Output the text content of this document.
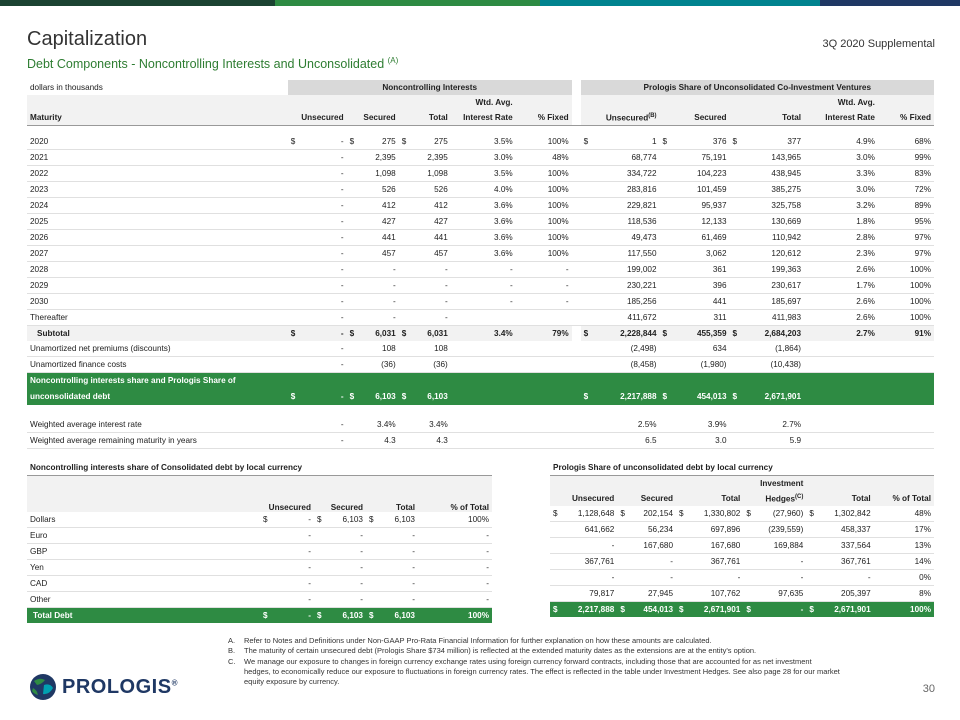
Capitalization	3Q 2020 Supplemental
Debt Components - Noncontrolling Interests and Unconsolidated $^{(A)}$
dollars in thousands	Noncontrolling Interests									Prologis Share of Unconsolidated Co-Investment Ventures							
							Wtd. Avg.									Wtd. Avg.	
Maturity	Unsecured		Secured		Total		Interest Rate	% Fixed		Unsecured$^{(B)}$		Secured		Total		Interest Rate	% Fixed

2020	$	-	$	275	$	275	3.5%	100%		$	1	$	376	$	377	4.9%	68%
2021		-		2,395		2,395	3.0%	48%			68,774		75,191		143,965	3.0%	99%
2022		-		1,098		1,098	3.5%	100%			334,722		104,223		438,945	3.3%	83%
2023		-		526		526	4.0%	100%			283,816		101,459		385,275	3.0%	72%
2024		-		412		412	3.6%	100%			229,821		95,937		325,758	3.2%	89%
2025		-		427		427	3.6%	100%			118,536		12,133		130,669	1.8%	95%
2026		-		441		441	3.6%	100%			49,473		61,469		110,942	2.8%	97%
2027		-		457		457	3.6%	100%			117,550		3,062		120,612	2.3%	97%
2028		-		-		-	-	-			199,002		361		199,363	2.6%	100%
2029		-		-		-	-	-			230,221		396		230,617	1.7%	100%
2030		-		-		-	-	-			185,256		441		185,697	2.6%	100%
Thereafter		-		-		-					411,672		311		411,983	2.6%	100%
Subtotal	$	-	$	6,031	$	6,031	3.4%	79%		$	2,228,844	$	455,359	$	2,684,203	2.7%	91%
Unamortized net premiums (discounts)		-		108		108					(2,498)		634		(1,864)		
Unamortized finance costs		-		(36)		(36)					(8,458)		(1,980)		(10,438)		
Noncontrolling interests share and Prologis Share of																	
unconsolidated debt	$	-	$	6,103	$	6,103				$	2,217,888	$	454,013	$	2,671,901		

Weighted average interest rate		-		3.4%		3.4%					2.5%		3.9%		2.7%		
Weighted average remaining maturity in years		-		4.3		4.3					6.5		3.0		5.9		
Noncontrolling interests share of Consolidated debt by local currency							
	Unsecured		Secured		Total		% of Total
Dollars	$	-	$	6,103	$	6,103	100%
Euro		-		-		-	-
GBP		-		-		-	-
Yen		-		-		-	-
CAD		-		-		-	-
Other		-		-		-	-
Total Debt	$	-	$	6,103	$	6,103	100%
Prologis Share of unconsolidated debt by local currency										
						Investment				
Unsecured		Secured		Total		Hedges$^{(C)}$		Total		% of Total
$	1,128,648	$	202,154	$	1,330,802	$	(27,960)	$	1,302,842	48%
	641,662		56,234		697,896		(239,559)		458,337	17%
	-		167,680		167,680		169,884		337,564	13%
	367,761		-		367,761		-		367,761	14%
	-		-		-		-		-	0%
	79,817		27,945		107,762		97,635		205,397	8%
$	2,217,888	$	454,013	$	2,671,901	$	-	$	2,671,901	100%
A.	Refer to Notes and Definitions under Non-GAAP Pro-Rata Financial Information for further explanation on how these amounts are calculated.
B.	The maturity of certain unsecured debt (Prologis Share $734 million) is reflected at the extended maturity dates as the extensions are at the entity's option.
C.	We manage our exposure to changes in foreign currency exchange rates using foreign currency forward contracts, including those that are accounted for as net investment hedges, to economically reduce our exposure to fluctuations in foreign currency rates. The effect is reflected in the table under Investment Hedges. See also page 28 for our market equity exposure by currency.
PROLOGIS®
30
